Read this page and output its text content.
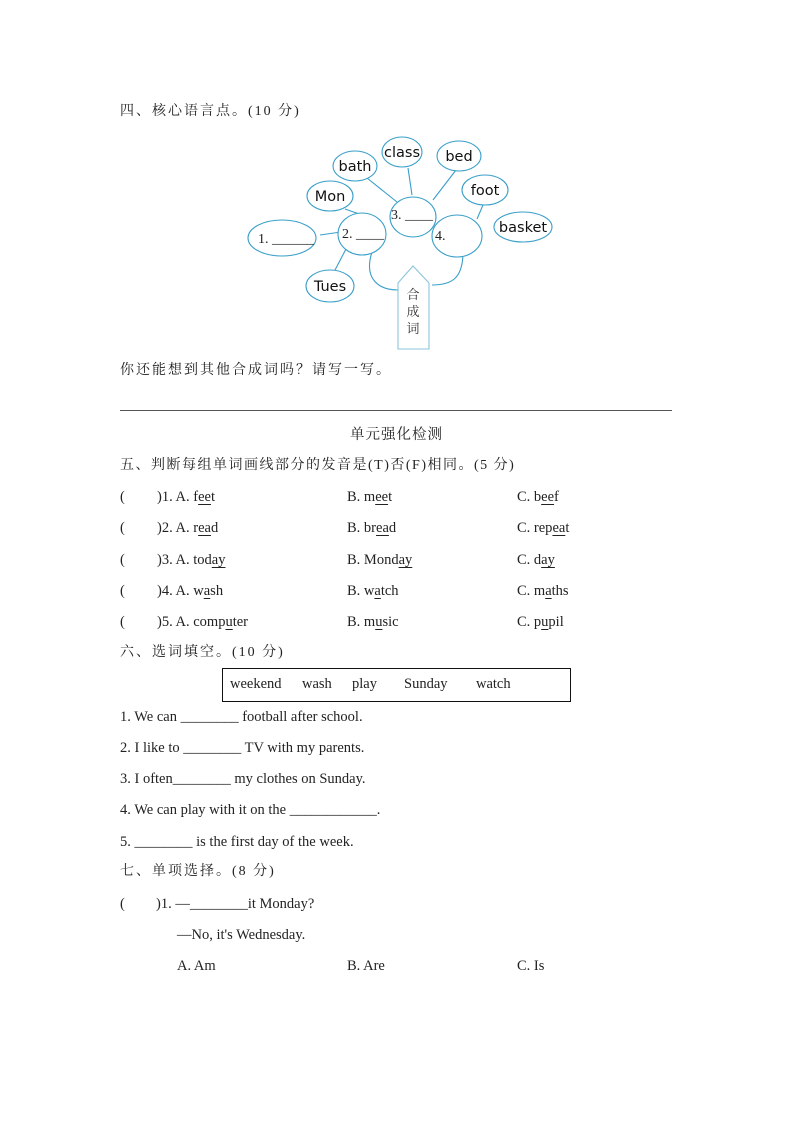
四、核心语言点。(10 分)
bath
class bed
Mon	foot
basket
Tues
1. ______ 2. ____
3. ____
4.
合
成
词
你还能想到其他合成词吗？请写一写。
单元强化检测
五、判断每组单词画线部分的发音是(T)否(F)相同。(5 分)
( )1. A. feet	B. meet	C. beef
( )2. A. read	B. bread	C. repeat
( )3. A. today	B. Monday	C. day
( )4. A. wash	B. watch	C. maths
( )5. A. computer	B. music	C. pupil
六、选词填空。(10 分)
weekend wash play Sunday watch
1. We can ________ football after school.
2. I like to ________ TV with my parents.
3. I often________ my clothes on Sunday.
4. We can play with it on the ____________.
5. ________ is the first day of the week.
七、单项选择。(8 分)
( )1. —________it Monday?
—No, it's Wednesday.
A. Am	B. Are	C. Is
